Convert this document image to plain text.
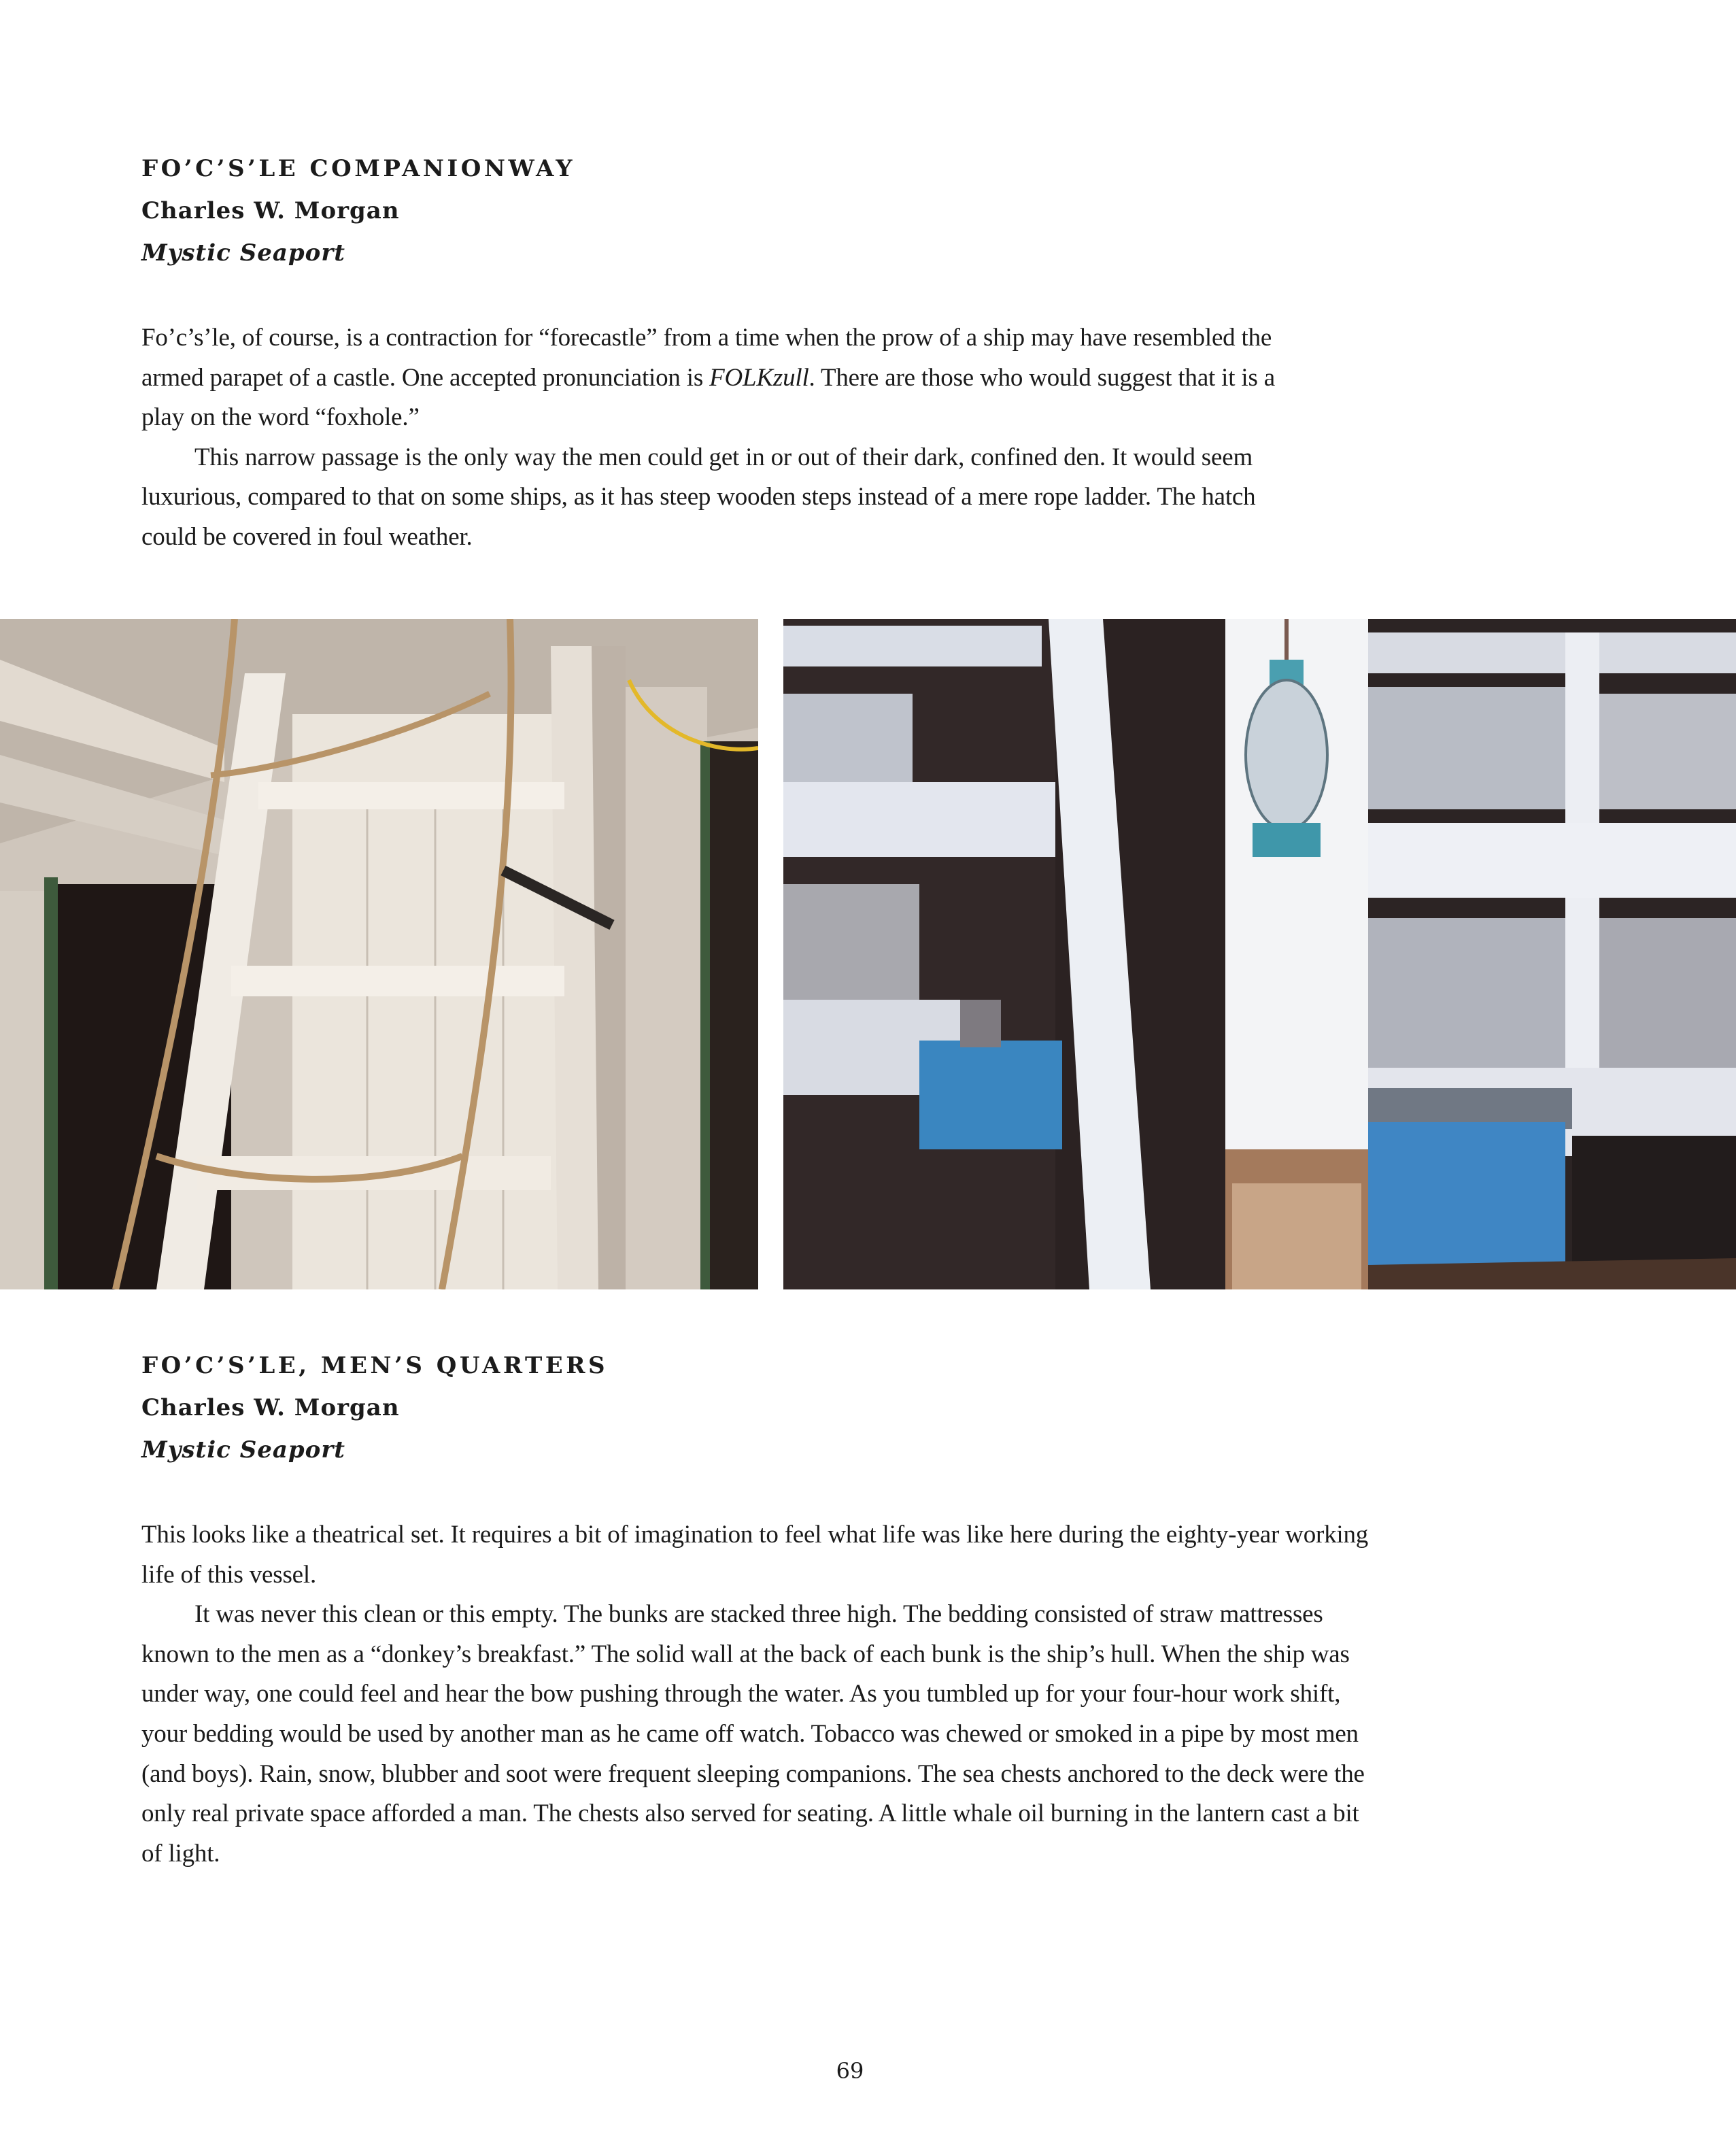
FO’C’S’LE COMPANIONWAY
Charles W. Morgan
Mystic Seaport

Fo’c’s’le, of course, is a contraction for “forecastle” from a time when the prow of a ship may have resembled the armed parapet of a castle. One accepted pronunciation is FOLKzull. There are those who would suggest that it is a play on the word “foxhole.”

This narrow passage is the only way the men could get in or out of their dark, confined den. It would seem luxurious, compared to that on some ships, as it has steep wooden steps instead of a mere rope ladder. The hatch could be covered in foul weather.

FO’C’S’LE, MEN’S QUARTERS
Charles W. Morgan
Mystic Seaport

This looks like a theatrical set. It requires a bit of imagination to feel what life was like here during the eighty-year working life of this vessel.

It was never this clean or this empty. The bunks are stacked three high. The bedding consisted of straw mattresses known to the men as a “donkey’s breakfast.” The solid wall at the back of each bunk is the ship’s hull. When the ship was under way, one could feel and hear the bow pushing through the water. As you tumbled up for your four-hour work shift, your bedding would be used by another man as he came off watch. Tobacco was chewed or smoked in a pipe by most men (and boys). Rain, snow, blubber and soot were frequent sleeping companions. The sea chests anchored to the deck were the only real private space afforded a man. The chests also served for seating. A little whale oil burning in the lantern cast a bit of light.

69
